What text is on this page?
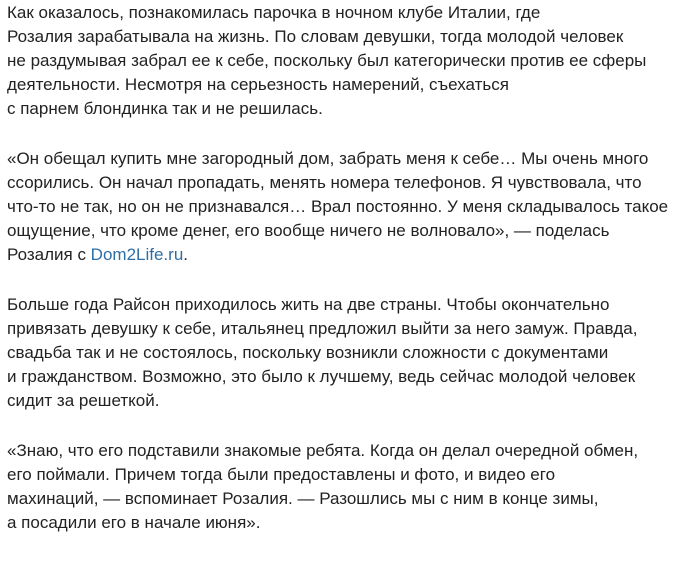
Как оказалось, познакомилась парочка в ночном клубе Италии, где
Розалия зарабатывала на жизнь. По словам девушки, тогда молодой человек
не раздумывая забрал ее к себе, поскольку был категорически против ее сферы
деятельности. Несмотря на серьезность намерений, съехаться
с парнем блондинка так и не решилась.

«Он обещал купить мне загородный дом, забрать меня к себе… Мы очень много
ссорились. Он начал пропадать, менять номера телефонов. Я чувствовала, что
что-то не так, но он не признавался… Врал постоянно. У меня складывалось такое
ощущение, что кроме денег, его вообще ничего не волновало», — поделась
Розалия с Dom2Life.ru.

Больше года Райсон приходилось жить на две страны. Чтобы окончательно
привязать девушку к себе, итальянец предложил выйти за него замуж. Правда,
свадьба так и не состоялось, поскольку возникли сложности с документами
и гражданством. Возможно, это было к лучшему, ведь сейчас молодой человек
сидит за решеткой.

«Знаю, что его подставили знакомые ребята. Когда он делал очередной обмен,
его поймали. Причем тогда были предоставлены и фото, и видео его
махинаций, — вспоминает Розалия. — Разошлись мы с ним в конце зимы,
а посадили его в начале июня».
